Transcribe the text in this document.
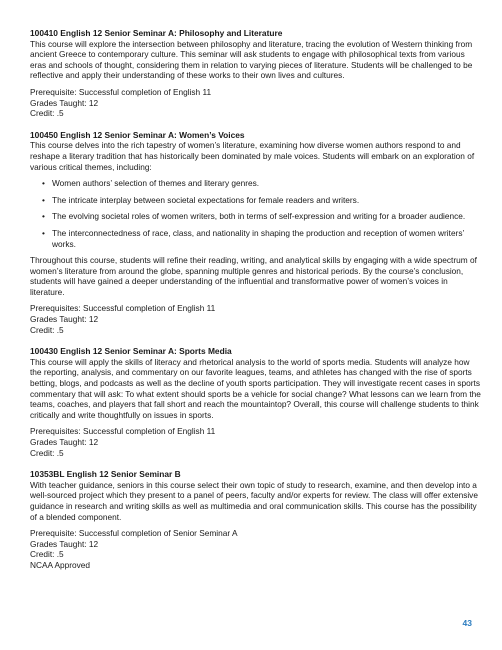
100410 English 12 Senior Seminar A: Philosophy and Literature

This course will explore the intersection between philosophy and literature, tracing the evolution of Western thinking from ancient Greece to contemporary culture. This seminar will ask students to engage with philosophical texts from various eras and schools of thought, considering them in relation to varying pieces of literature. Students will be challenged to be reflective and apply their understanding of these works to their own lives and cultures.

Prerequisite: Successful completion of English 11
Grades Taught: 12
Credit: .5

100450 English 12 Senior Seminar A: Women’s Voices

This course delves into the rich tapestry of women’s literature, examining how diverse women authors respond to and reshape a literary tradition that has historically been dominated by male voices. Students will embark on an exploration of various critical themes, including:

• Women authors’ selection of themes and literary genres.
• The intricate interplay between societal expectations for female readers and writers.
• The evolving societal roles of women writers, both in terms of self-expression and writing for a broader audience.
• The interconnectedness of race, class, and nationality in shaping the production and reception of women writers’ works.

Throughout this course, students will refine their reading, writing, and analytical skills by engaging with a wide spectrum of women’s literature from around the globe, spanning multiple genres and historical periods. By the course’s conclusion, students will have gained a deeper understanding of the influential and transformative power of women’s voices in literature.

Prerequisites: Successful completion of English 11
Grades Taught: 12
Credit: .5

100430 English 12 Senior Seminar A: Sports Media

This course will apply the skills of literacy and rhetorical analysis to the world of sports media. Students will analyze how the reporting, analysis, and commentary on our favorite leagues, teams, and athletes has changed with the rise of sports betting, blogs, and podcasts as well as the decline of youth sports participation. They will investigate recent cases in sports commentary that will ask: To what extent should sports be a vehicle for social change? What lessons can we learn from the teams, coaches, and players that fall short and reach the mountaintop? Overall, this course will challenge students to think critically and write thoughtfully on issues in sports.

Prerequisites: Successful completion of English 11
Grades Taught: 12
Credit: .5

10353BL English 12 Senior Seminar B

With teacher guidance, seniors in this course select their own topic of study to research, examine, and then develop into a well-sourced project which they present to a panel of peers, faculty and/or experts for review. The class will offer extensive guidance in research and writing skills as well as multimedia and oral communication skills. This course has the possibility of a blended component.

Prerequisite: Successful completion of Senior Seminar A
Grades Taught: 12
Credit: .5
NCAA Approved
43
